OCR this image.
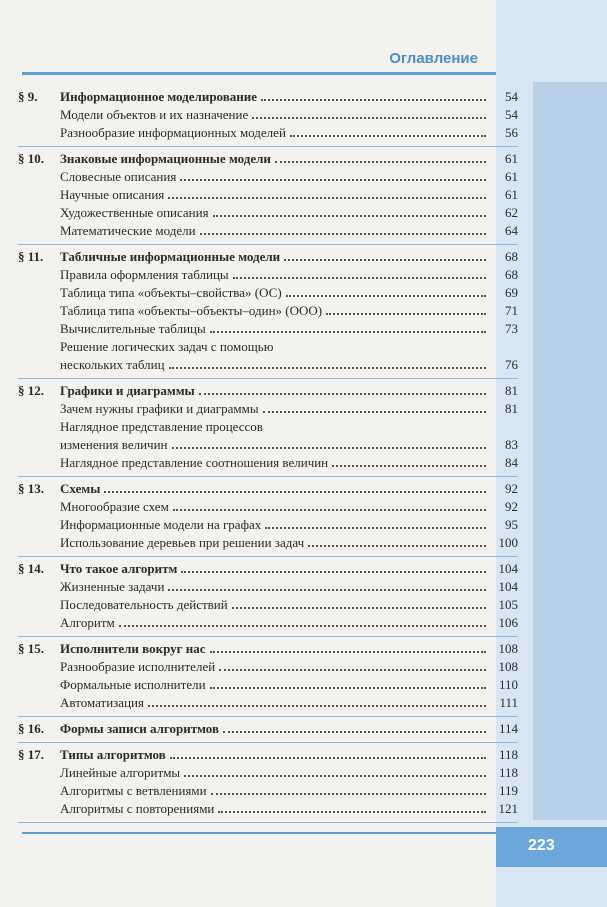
Оглавление
§ 9.	Информационное моделирование	54
Модели объектов и их назначение	54
Разнообразие информационных моделей	56
§ 10.	Знаковые информационные модели	61
Словесные описания	61
Научные описания	61
Художественные описания	62
Математические модели	64
§ 11.	Табличные информационные модели	68
Правила оформления таблицы	68
Таблица типа «объекты–свойства» (ОС)	69
Таблица типа «объекты–объекты–один» (ООО)	71
Вычислительные таблицы	73
Решение логических задач с помощью
нескольких таблиц	76
§ 12.	Графики и диаграммы	81
Зачем нужны графики и диаграммы	81
Наглядное представление процессов
изменения величин	83
Наглядное представление соотношения величин	84
§ 13.	Схемы	92
Многообразие схем	92
Информационные модели на графах	95
Использование деревьев при решении задач	100
§ 14.	Что такое алгоритм	104
Жизненные задачи	104
Последовательность действий	105
Алгоритм	106
§ 15.	Исполнители вокруг нас	108
Разнообразие исполнителей	108
Формальные исполнители	110
Автоматизация	111
§ 16.	Формы записи алгоритмов	114
§ 17.	Типы алгоритмов	118
Линейные алгоритмы	118
Алгоритмы с ветвлениями	119
Алгоритмы с повторениями	121
223
